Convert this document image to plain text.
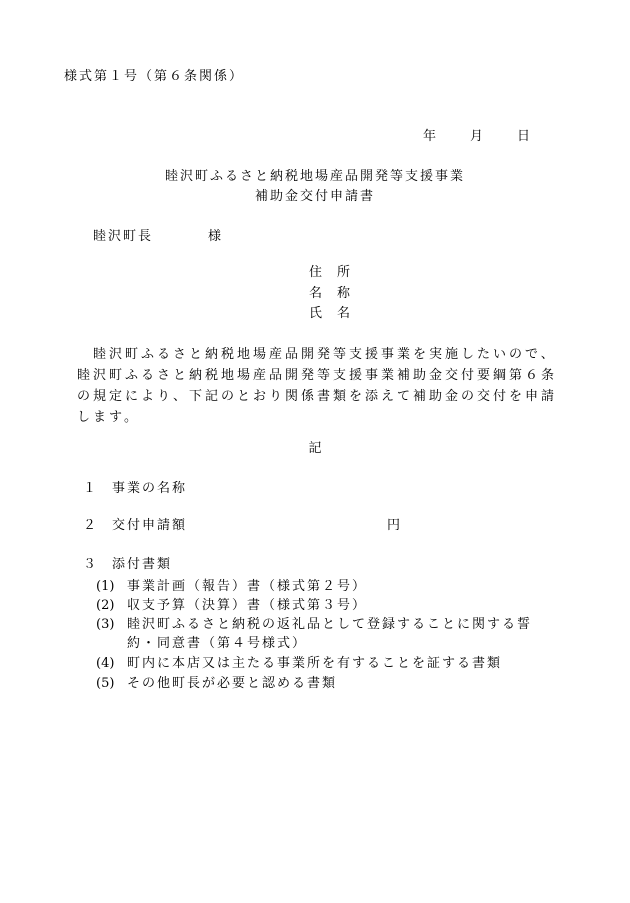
様式第１号（第６条関係）
年	月	日
睦沢町ふるさと納税地場産品開発等支援事業
補助金交付申請書
睦沢町長	様
住 所
名 称
氏 名
睦沢町ふるさと納税地場産品開発等支援事業を実施したいので、睦沢町ふるさと納税地場産品開発等支援事業補助金交付要綱第６条の規定により、下記のとおり関係書類を添えて補助金の交付を申請します。
記
１ 事業の名称
２ 交付申請額	円
３ 添付書類
(1) 事業計画（報告）書（様式第２号）
(2) 収支予算（決算）書（様式第３号）
(3) 睦沢町ふるさと納税の返礼品として登録することに関する誓
約・同意書（第４号様式）
(4) 町内に本店又は主たる事業所を有することを証する書類
(5) その他町長が必要と認める書類
